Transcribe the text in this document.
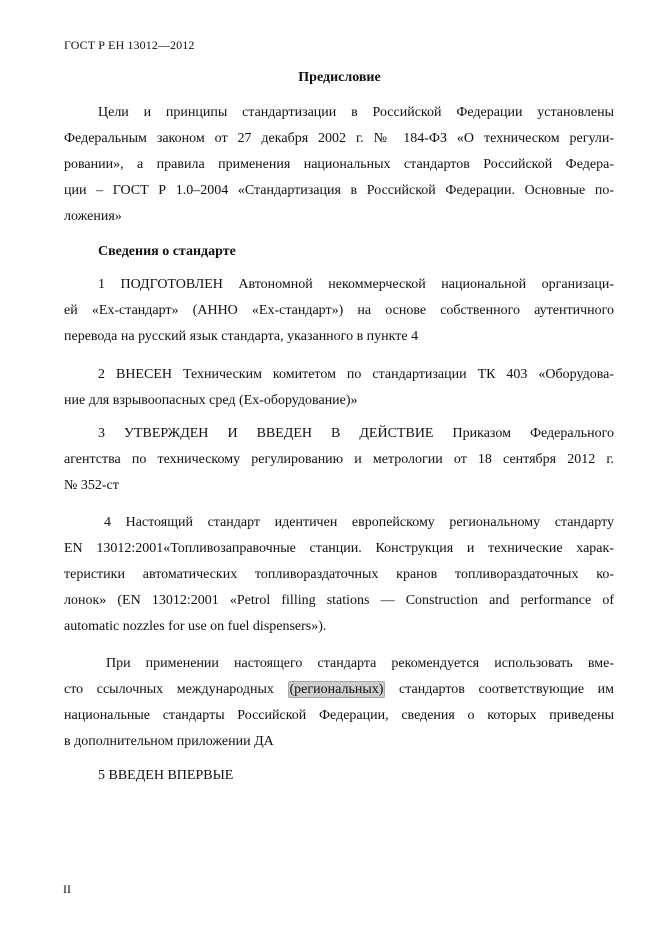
ГОСТ Р ЕН 13012—2012
Предисловие
Цели и принципы стандартизации в Российской Федерации установлены
Федеральным законом от 27 декабря 2002 г. № 184-ФЗ «О техническом регули-
ровании», а правила применения национальных стандартов Российской Федера-
ции – ГОСТ Р 1.0–2004 «Стандартизация в Российской Федерации. Основные по-
ложения»
Сведения о стандарте
1 ПОДГОТОВЛЕН Автономной некоммерческой национальной организаци-
ей «Ех-стандарт» (АННО «Ех-стандарт») на основе собственного аутентичного
перевода на русский язык стандарта, указанного в пункте 4
2 ВНЕСЕН Техническим комитетом по стандартизации ТК 403 «Оборудова-
ние для взрывоопасных сред (Ех-оборудование)»
3 УТВЕРЖДЕН И ВВЕДЕН В ДЕЙСТВИЕ Приказом Федерального
агентства по техническому регулированию и метрологии от 18 сентября 2012 г.
№ 352-ст
4 Настоящий стандарт идентичен европейскому региональному стандарту
EN 13012:2001«Топливозаправочные станции. Конструкция и технические харак-
теристики автоматических топливораздаточных кранов топливораздаточных ко-
лонок» (EN 13012:2001 «Petrol filling stations — Construction and performance of
automatic nozzles for use on fuel dispensers»).
При применении настоящего стандарта рекомендуется использовать вме-
сто ссылочных международных (региональных) стандартов соответствующие им
национальные стандарты Российской Федерации, сведения о которых приведены
в дополнительном приложении ДА
5 ВВЕДЕН ВПЕРВЫЕ
II
